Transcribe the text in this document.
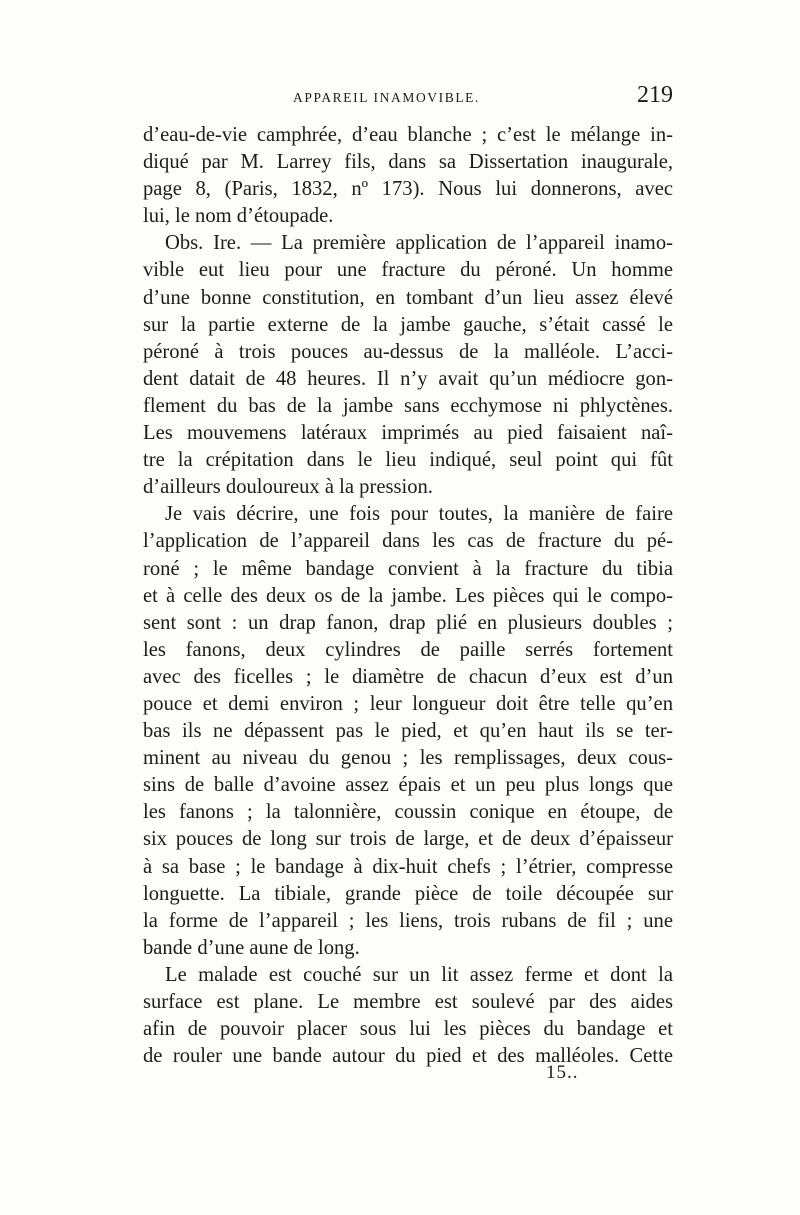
APPAREIL INAMOVIBLE.	219
d’eau-de-vie camphrée, d’eau blanche ; c’est le mélange in-
diqué par M. Larrey fils, dans sa Dissertation inaugurale,
page 8, (Paris, 1832, nº 173). Nous lui donnerons, avec
lui, le nom d’étoupade.
Obs. Ire. — La première application de l’appareil inamo-
vible eut lieu pour une fracture du péroné. Un homme
d’une bonne constitution, en tombant d’un lieu assez élevé
sur la partie externe de la jambe gauche, s’était cassé le
péroné à trois pouces au-dessus de la malléole. L’acci-
dent datait de 48 heures. Il n’y avait qu’un médiocre gon-
flement du bas de la jambe sans ecchymose ni phlyctènes.
Les mouvemens latéraux imprimés au pied faisaient naî-
tre la crépitation dans le lieu indiqué, seul point qui fût
d’ailleurs douloureux à la pression.
Je vais décrire, une fois pour toutes, la manière de faire
l’application de l’appareil dans les cas de fracture du pé-
roné ; le même bandage convient à la fracture du tibia
et à celle des deux os de la jambe. Les pièces qui le compo-
sent sont : un drap fanon, drap plié en plusieurs doubles ;
les fanons, deux cylindres de paille serrés fortement
avec des ficelles ; le diamètre de chacun d’eux est d’un
pouce et demi environ ; leur longueur doit être telle qu’en
bas ils ne dépassent pas le pied, et qu’en haut ils se ter-
minent au niveau du genou ; les remplissages, deux cous-
sins de balle d’avoine assez épais et un peu plus longs que
les fanons ; la talonnière, coussin conique en étoupe, de
six pouces de long sur trois de large, et de deux d’épaisseur
à sa base ; le bandage à dix-huit chefs ; l’étrier, compresse
longuette. La tibiale, grande pièce de toile découpée sur
la forme de l’appareil ; les liens, trois rubans de fil ; une
bande d’une aune de long.
Le malade est couché sur un lit assez ferme et dont la
surface est plane. Le membre est soulevé par des aides
afin de pouvoir placer sous lui les pièces du bandage et
de rouler une bande autour du pied et des malléoles. Cette
15..
